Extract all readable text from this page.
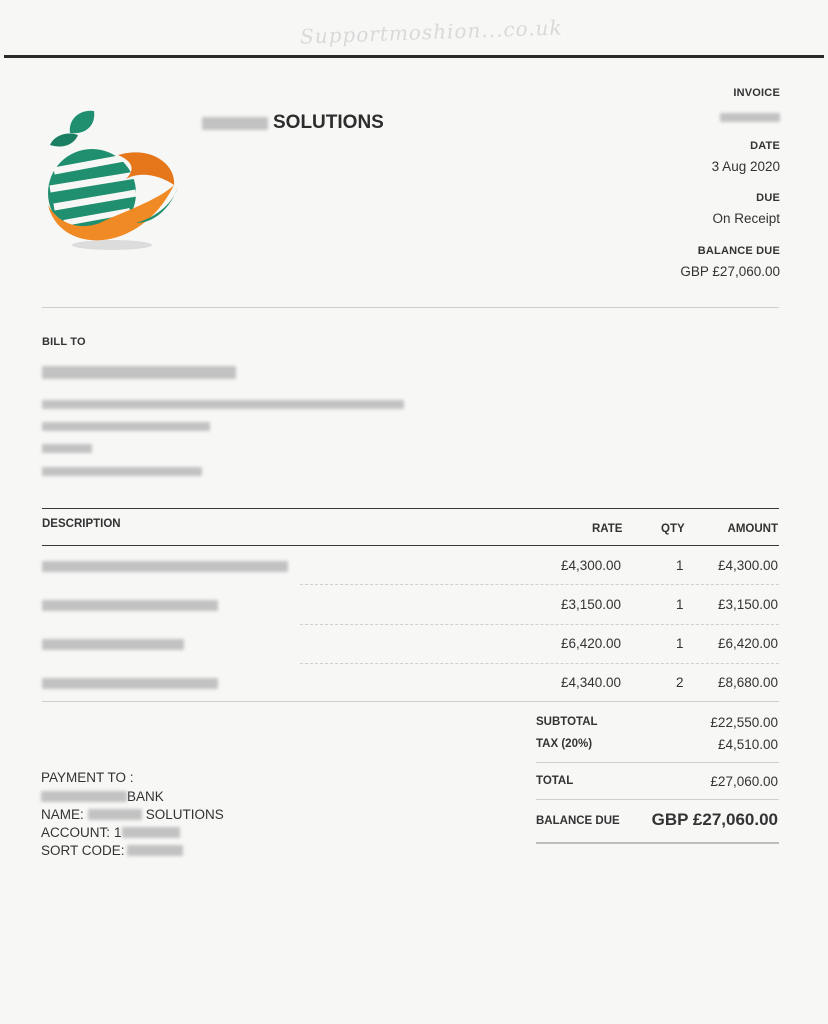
Supportmoshion...co.uk
SOLUTIONS
INVOICE
DATE
3 Aug 2020
DUE
On Receipt
BALANCE DUE
GBP £27,060.00
BILL TO
DESCRIPTION	RATE	QTY	AMOUNT
£4,300.00	1	£4,300.00
£3,150.00	1	£3,150.00
£6,420.00	1	£6,420.00
£4,340.00	2	£8,680.00
SUBTOTAL	£22,550.00
TAX (20%)	£4,510.00
TOTAL	£27,060.00
BALANCE DUE GBP £27,060.00
PAYMENT TO :
BANK
NAME:	SOLUTIONS
ACCOUNT: 1
SORT CODE:
